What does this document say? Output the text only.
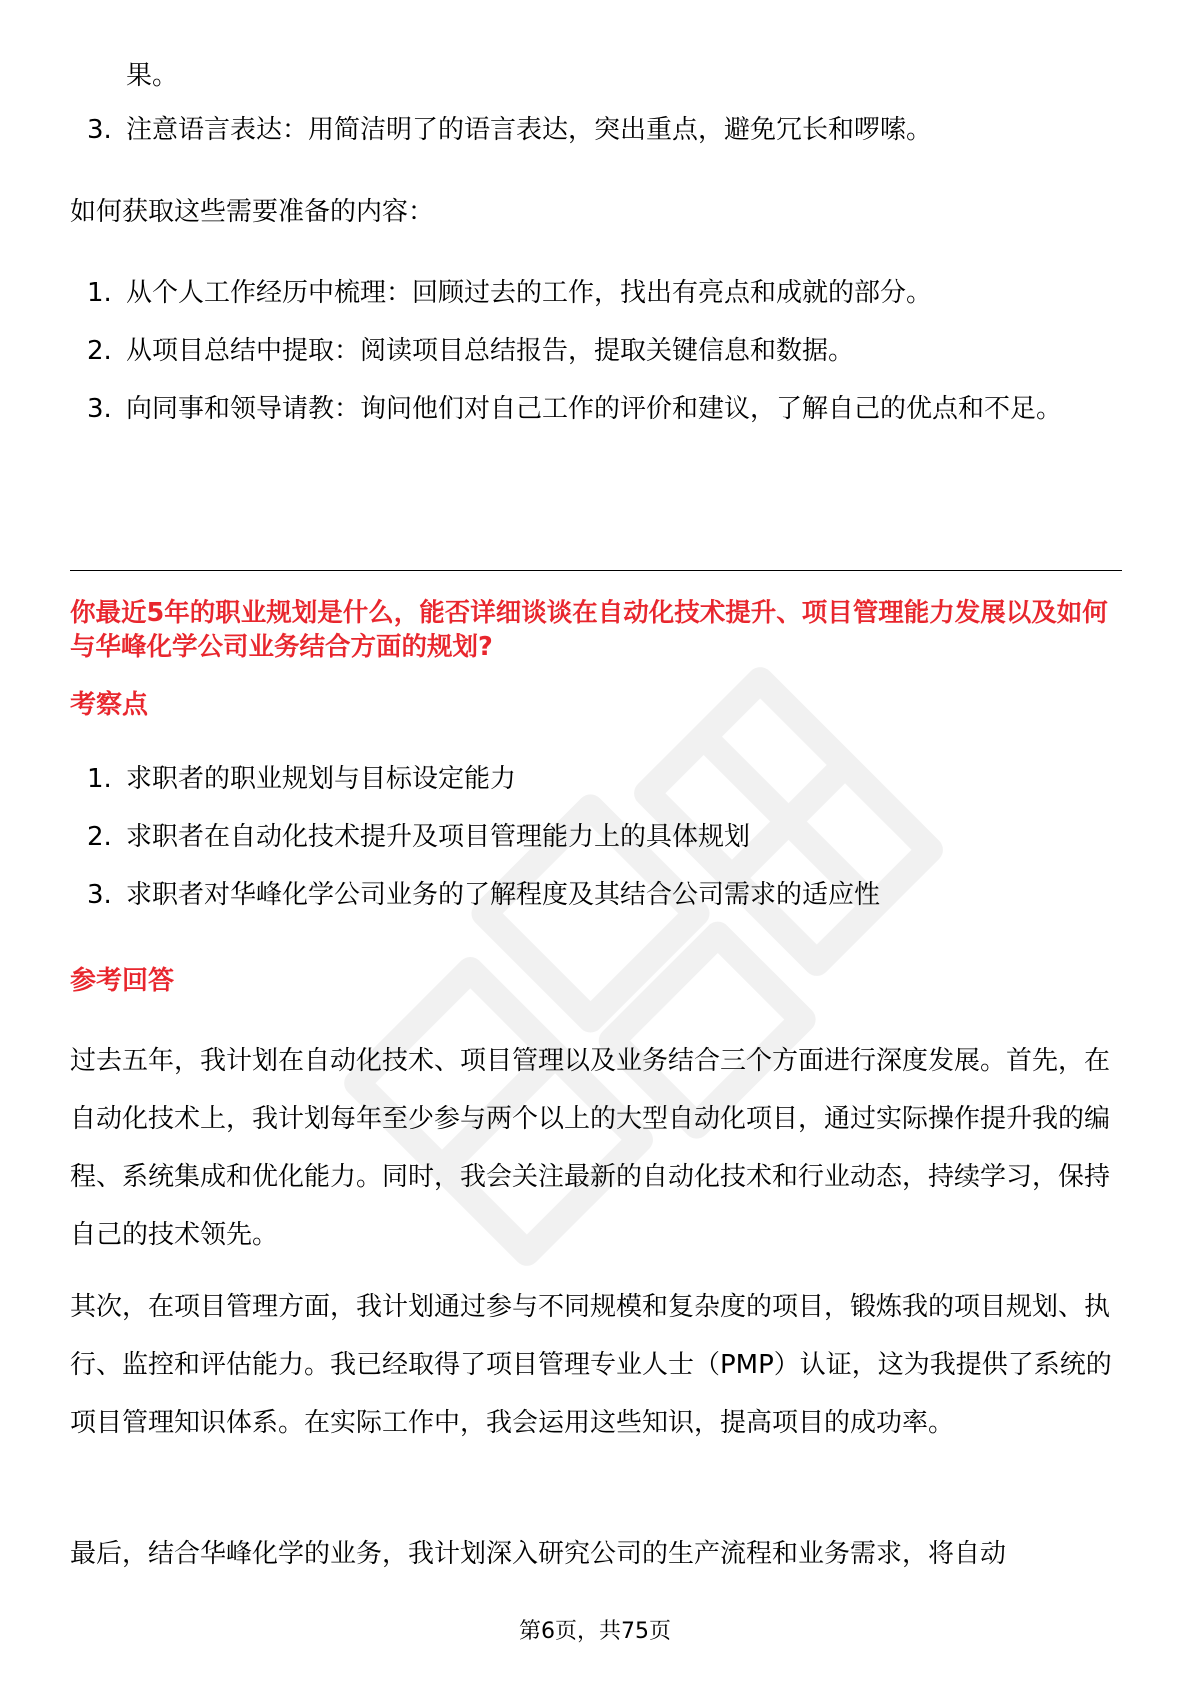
果。
3. 注意语言表达：用简洁明了的语言表达，突出重点，避免冗长和啰嗦。
如何获取这些需要准备的内容：
1. 从个人工作经历中梳理：回顾过去的工作，找出有亮点和成就的部分。
2. 从项目总结中提取：阅读项目总结报告，提取关键信息和数据。
3. 向同事和领导请教：询问他们对自己工作的评价和建议，了解自己的优点和不足。
你最近5年的职业规划是什么，能否详细谈谈在自动化技术提升、项目管理能力发展以及如何与华峰化学公司业务结合方面的规划?
考察点
1. 求职者的职业规划与目标设定能力
2. 求职者在自动化技术提升及项目管理能力上的具体规划
3. 求职者对华峰化学公司业务的了解程度及其结合公司需求的适应性
参考回答
过去五年，我计划在自动化技术、项目管理以及业务结合三个方面进行深度发展。首先，在自动化技术上，我计划每年至少参与两个以上的大型自动化项目，通过实际操作提升我的编程、系统集成和优化能力。同时，我会关注最新的自动化技术和行业动态，持续学习，保持自己的技术领先。
其次，在项目管理方面，我计划通过参与不同规模和复杂度的项目，锻炼我的项目规划、执行、监控和评估能力。我已经取得了项目管理专业人士（PMP）认证，这为我提供了系统的项目管理知识体系。在实际工作中，我会运用这些知识，提高项目的成功率。
最后，结合华峰化学的业务，我计划深入研究公司的生产流程和业务需求，将自动
第6页，共75页
